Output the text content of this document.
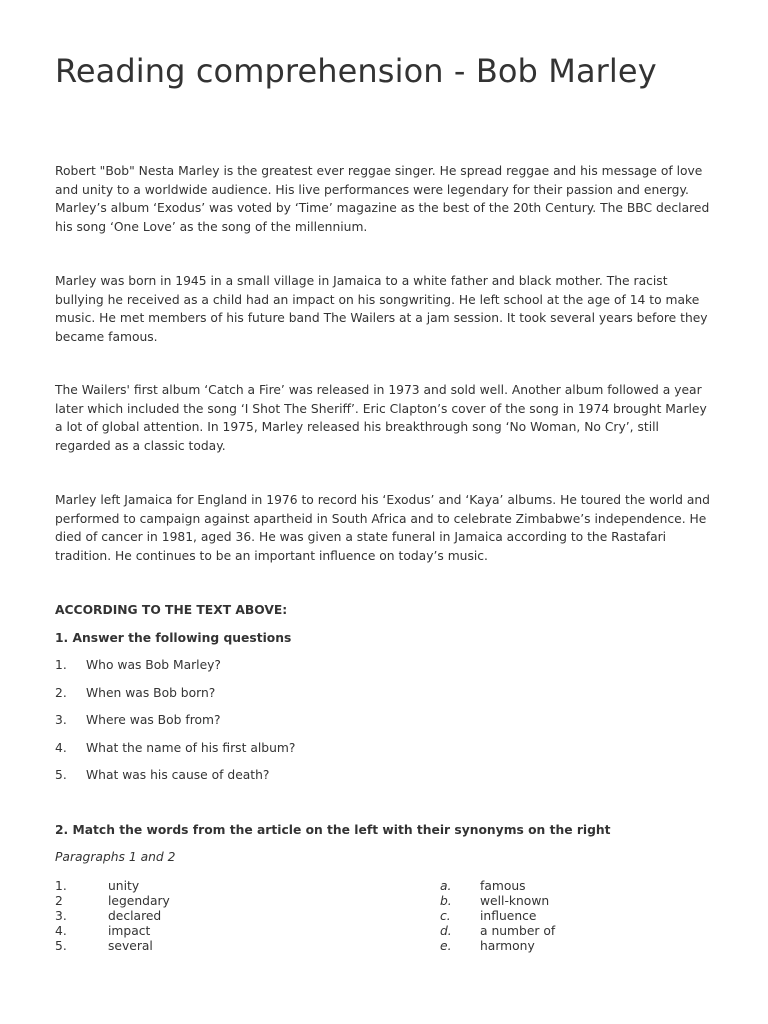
Reading comprehension - Bob Marley

Robert "Bob" Nesta Marley is the greatest ever reggae singer. He spread reggae and his message of love and unity to a worldwide audience. His live performances were legendary for their passion and energy. Marley’s album ‘Exodus’ was voted by ‘Time’ magazine as the best of the 20th Century. The BBC declared his song ‘One Love’ as the song of the millennium.

Marley was born in 1945 in a small village in Jamaica to a white father and black mother. The racist bullying he received as a child had an impact on his songwriting. He left school at the age of 14 to make music. He met members of his future band The Wailers at a jam session. It took several years before they became famous.

The Wailers' first album ‘Catch a Fire’ was released in 1973 and sold well. Another album followed a year later which included the song ‘I Shot The Sheriff’. Eric Clapton’s cover of the song in 1974 brought Marley a lot of global attention. In 1975, Marley released his breakthrough song ‘No Woman, No Cry’, still regarded as a classic today.

Marley left Jamaica for England in 1976 to record his ‘Exodus’ and ‘Kaya’ albums. He toured the world and performed to campaign against apartheid in South Africa and to celebrate Zimbabwe’s independence. He died of cancer in 1981, aged 36. He was given a state funeral in Jamaica according to the Rastafari tradition. He continues to be an important influence on today’s music.

ACCORDING TO THE TEXT ABOVE:

1. Answer the following questions

1. Who was Bob Marley?
2. When was Bob born?
3. Where was Bob from?
4. What the name of his first album?
5. What was his cause of death?

2. Match the words from the article on the left with their synonyms on the right

Paragraphs 1 and 2

1.	unity	a. famous
2	legendary	b. well-known
3.	declared	c. influence
4.	impact	d. a number of
5.	several	e. harmony
